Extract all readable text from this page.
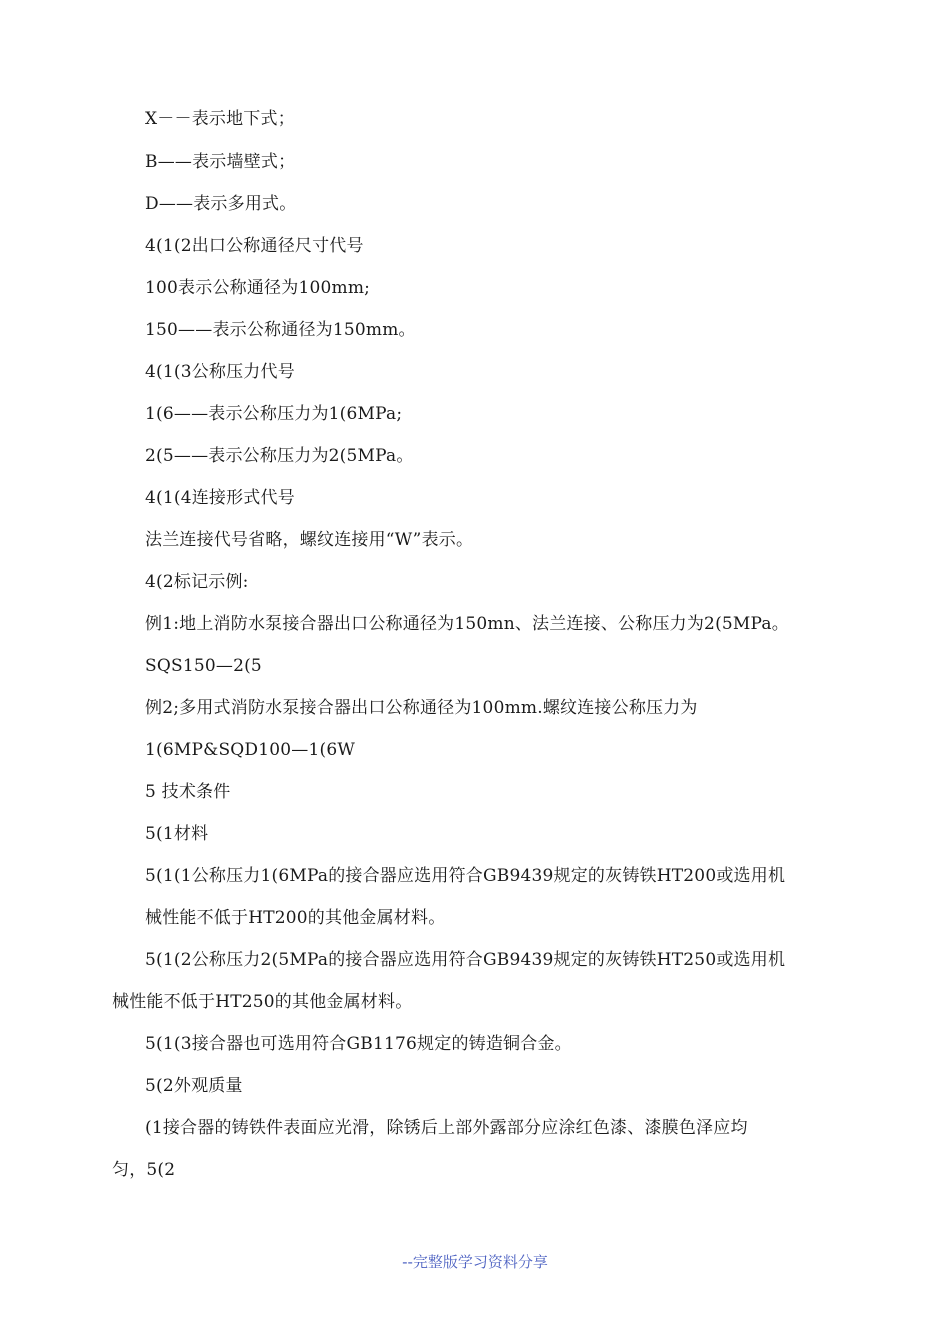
X－－表示地下式；
B——表示墙壁式；
D——表示多用式。
4(1(2出口公称通径尺寸代号
100表示公称通径为100mm;
150——表示公称通径为150mm。
4(1(3公称压力代号
1(6——表示公称压力为1(6MPa;
2(5——表示公称压力为2(5MPa。
4(1(4连接形式代号
法兰连接代号省略，螺纹连接用“W”表示。
4(2标记示例:
例1:地上消防水泵接合器出口公称通径为150mn、法兰连接、公称压力为2(5MPa。
SQS150—2(5
例2;多用式消防水泵接合器出口公称通径为100mm.螺纹连接公称压力为
1(6MP&SQD100—1(6W
5 技术条件
5(1材料
5(1(1公称压力1(6MPa的接合器应选用符合GB9439规定的灰铸铁HT200或选用机
械性能不低于HT200的其他金属材料。
5(1(2公称压力2(5MPa的接合器应选用符合GB9439规定的灰铸铁HT250或选用机
械性能不低于HT250的其他金属材料。
5(1(3接合器也可选用符合GB1176规定的铸造铜合金。
5(2外观质量
(1接合器的铸铁件表面应光滑，除锈后上部外露部分应涂红色漆、漆膜色泽应均
匀，5(2
--完整版学习资料分享
